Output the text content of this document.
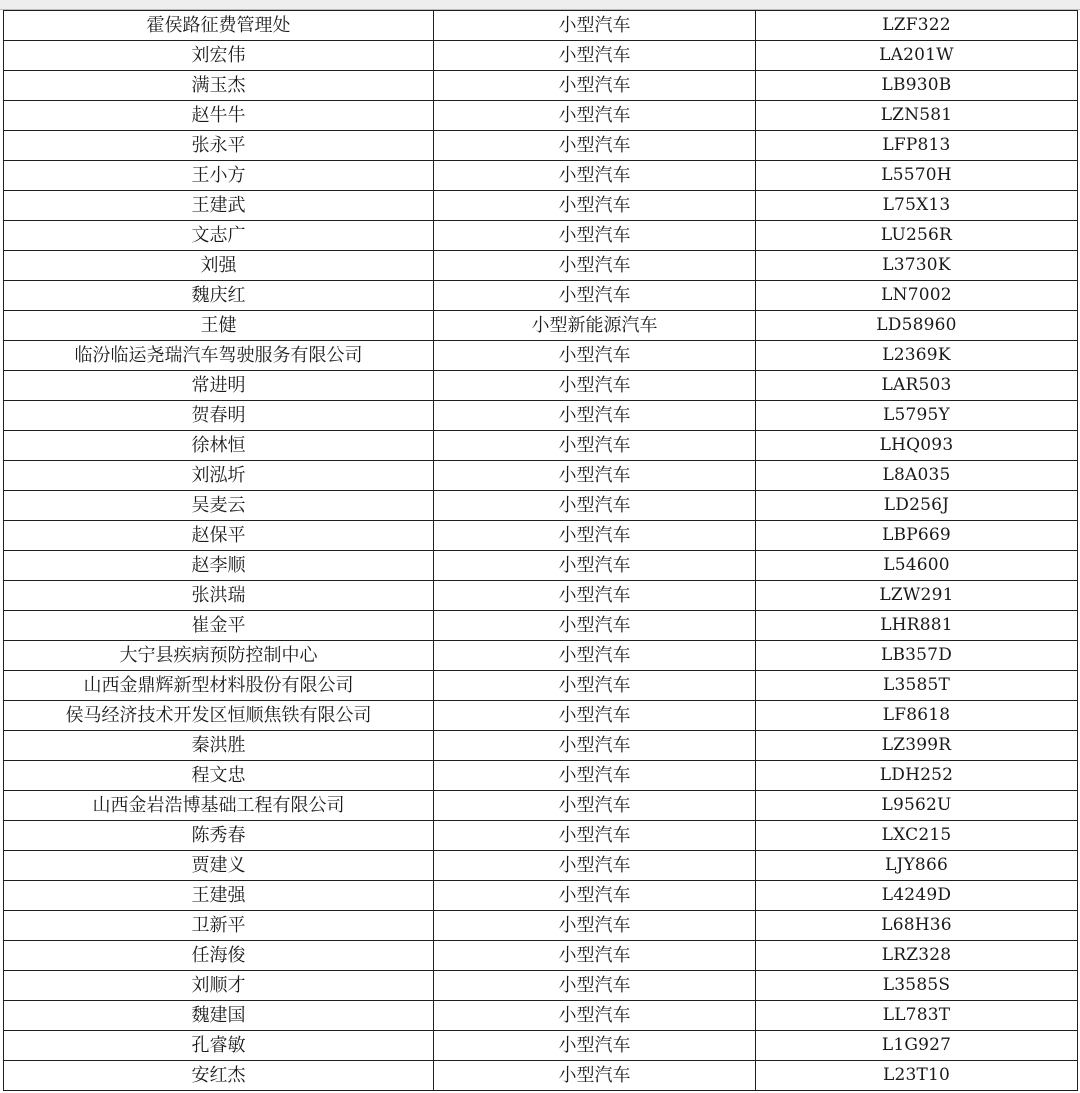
霍侯路征费管理处	小型汽车	LZF322
刘宏伟	小型汽车	LA201W
满玉杰	小型汽车	LB930B
赵牛牛	小型汽车	LZN581
张永平	小型汽车	LFP813
王小方	小型汽车	L5570H
王建武	小型汽车	L75X13
文志广	小型汽车	LU256R
刘强	小型汽车	L3730K
魏庆红	小型汽车	LN7002
王健	小型新能源汽车	LD58960
临汾临运尧瑞汽车驾驶服务有限公司	小型汽车	L2369K
常进明	小型汽车	LAR503
贺春明	小型汽车	L5795Y
徐林恒	小型汽车	LHQ093
刘泓圻	小型汽车	L8A035
吴麦云	小型汽车	LD256J
赵保平	小型汽车	LBP669
赵李顺	小型汽车	L54600
张洪瑞	小型汽车	LZW291
崔金平	小型汽车	LHR881
大宁县疾病预防控制中心	小型汽车	LB357D
山西金鼎辉新型材料股份有限公司	小型汽车	L3585T
侯马经济技术开发区恒顺焦铁有限公司	小型汽车	LF8618
秦洪胜	小型汽车	LZ399R
程文忠	小型汽车	LDH252
山西金岩浩博基础工程有限公司	小型汽车	L9562U
陈秀春	小型汽车	LXC215
贾建义	小型汽车	LJY866
王建强	小型汽车	L4249D
卫新平	小型汽车	L68H36
任海俊	小型汽车	LRZ328
刘顺才	小型汽车	L3585S
魏建国	小型汽车	LL783T
孔睿敏	小型汽车	L1G927
安红杰	小型汽车	L23T10
